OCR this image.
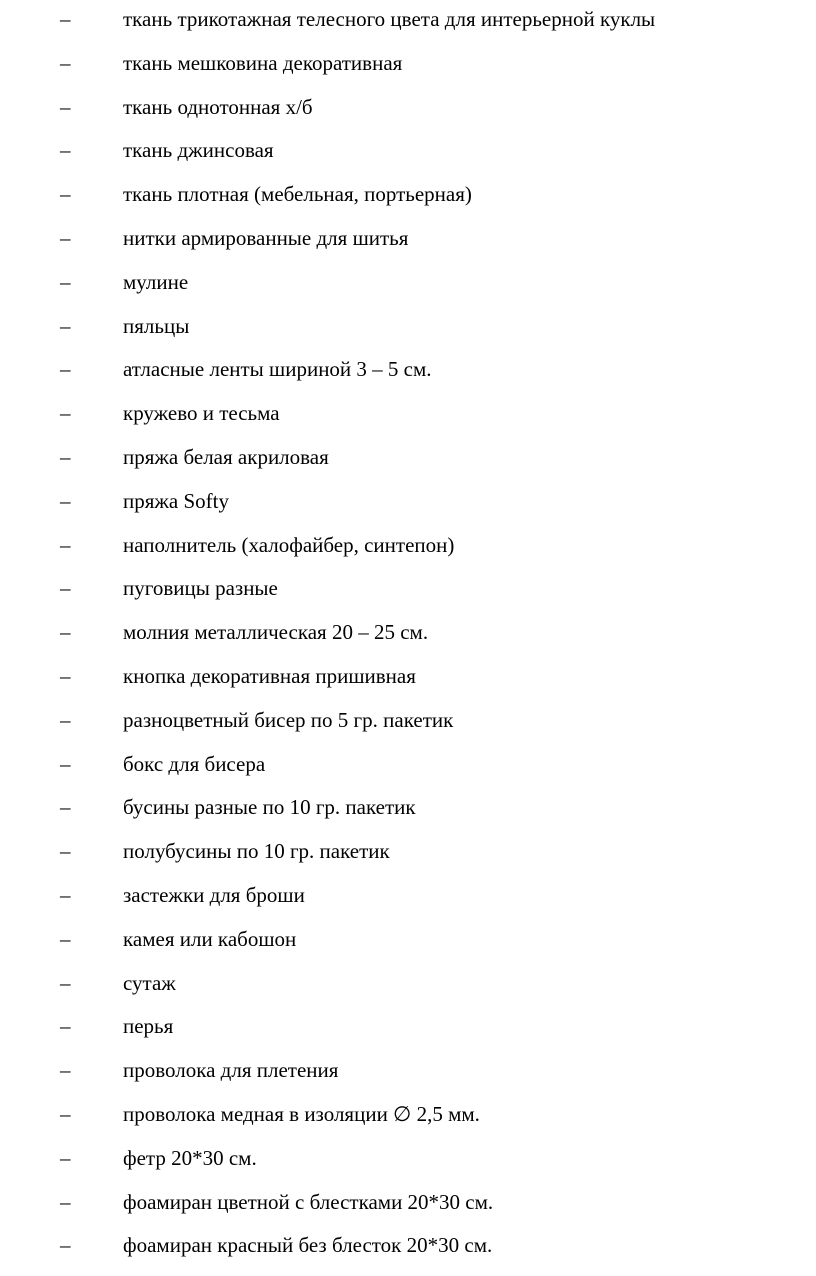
–	ткань трикотажная телесного цвета для интерьерной куклы
–	ткань мешковина декоративная
–	ткань однотонная х/б
–	ткань джинсовая
–	ткань плотная (мебельная, портьерная)
–	нитки армированные для шитья
–	мулине
–	пяльцы
–	атласные ленты шириной 3 – 5 см.
–	кружево и тесьма
–	пряжа белая акриловая
–	пряжа Softy
–	наполнитель (халофайбер, синтепон)
–	пуговицы разные
–	молния металлическая 20 – 25 см.
–	кнопка декоративная пришивная
–	разноцветный бисер по 5 гр. пакетик
–	бокс для бисера
–	бусины разные по 10 гр. пакетик
–	полубусины по 10 гр. пакетик
–	застежки для броши
–	камея или кабошон
–	сутаж
–	перья
–	проволока для плетения
–	проволока медная в изоляции ∅ 2,5 мм.
–	фетр 20*30 см.
–	фоамиран цветной с блестками 20*30 см.
–	фоамиран красный без блесток 20*30 см.
